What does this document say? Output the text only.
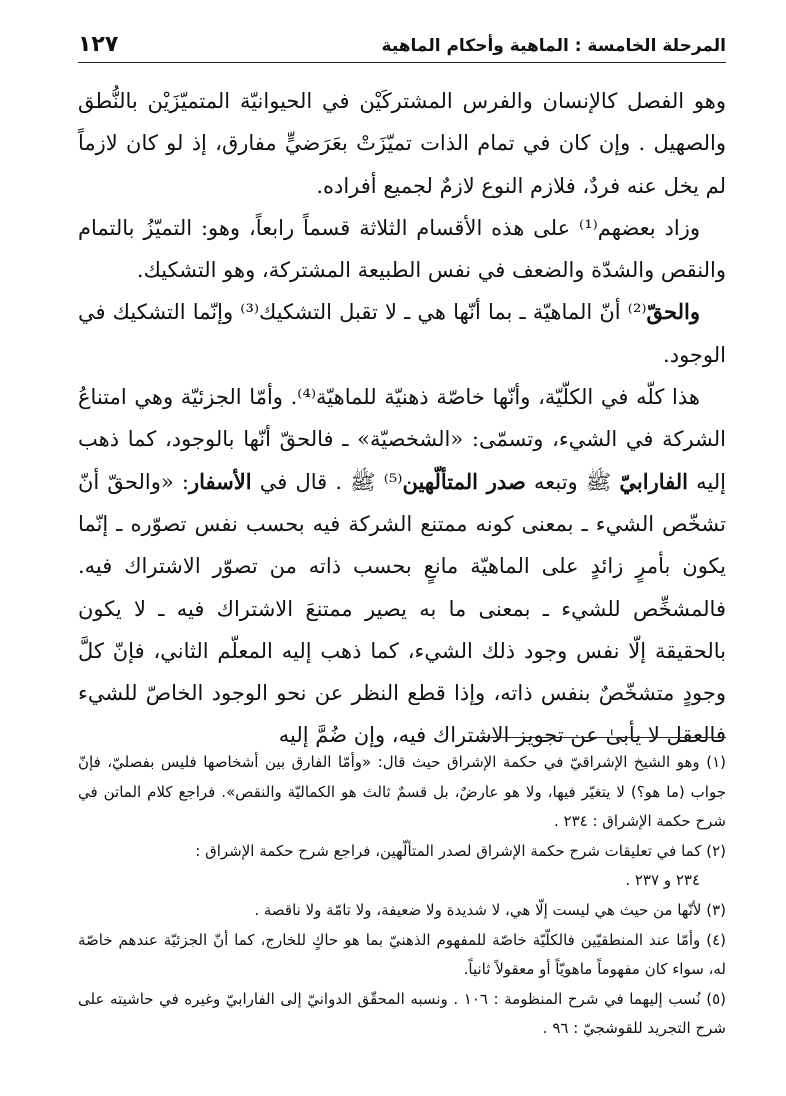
المرحلة الخامسة : الماهية وأحكام الماهية
١٢٧

وهو الفصل كالإنسان والفرس المشتركَيْن في الحيوانيّة المتميّزَيْن بالنُّطق والصهيل . وإن كان في تمام الذات تميّزَتْ بعَرَضيٍّ مفارق، إذ لو كان لازماً لم يخل عنه فردٌ، فلازم النوع لازمٌ لجميع أفراده.

وزاد بعضهم⁽¹⁾ على هذه الأقسام الثلاثة قسماً رابعاً، وهو: التميّزُ بالتمام والنقص والشدّة والضعف في نفس الطبيعة المشتركة، وهو التشكيك.

والحقّ⁽²⁾ أنّ الماهيّة ـ بما أنّها هي ـ لا تقبل التشكيك⁽³⁾ وإنّما التشكيك في الوجود.

هذا كلّه في الكلّيّة، وأنّها خاصّة ذهنيّة للماهيّة⁽⁴⁾. وأمّا الجزئيّة وهي امتناعُ الشركة في الشيء، وتسمّى: «الشخصيّة» ـ فالحقّ أنّها بالوجود، كما ذهب إليه الفارابيّ ﷺ وتبعه صدر المتألّهين⁽⁵⁾ ﷺ . قال في الأسفار: «والحقّ أنّ تشخّص الشيء ـ بمعنى كونه ممتنع الشركة فيه بحسب نفس تصوّره ـ إنّما يكون بأمرٍ زائدٍ على الماهيّة مانعٍ بحسب ذاته من تصوّر الاشتراك فيه. فالمشخِّص للشيء ـ بمعنى ما به يصير ممتنعَ الاشتراك فيه ـ لا يكون بالحقيقة إلّا نفس وجود ذلك الشيء، كما ذهب إليه المعلّم الثاني، فإنّ كلَّ وجودٍ متشخّصٌ بنفس ذاته، وإذا قطع النظر عن نحو الوجود الخاصّ للشيء فالعقل لا يأبىٰ عن تجويز الاشتراك فيه، وإن ضُمَّ إليه

(١) وهو الشيخ الإشراقيّ في حكمة الإشراق حيث قال: «وأمّا الفارق بين أشخاصها فليس بفصليّ، فإنّ جواب (ما هو؟) لا يتغيّر فيها، ولا هو عارضٌ، بل قسمٌ ثالث هو الكماليّة والنقص». فراجع كلام الماتن في شرح حكمة الإشراق : ٢٣٤ .

(٢) كما في تعليقات شرح حكمة الإشراق لصدر المتألّهين، فراجع شرح حكمة الإشراق :

٢٣٤ و ٢٣٧ .

(٣) لأنّها من حيث هي ليست إلّا هي، لا شديدة ولا ضعيفة، ولا تامّة ولا ناقصة .

(٤) وأمّا عند المنطقيّين فالكلّيّة خاصّة للمفهوم الذهنيّ بما هو حاكٍ للخارج، كما أنّ الجزئيّة عندهم خاصّة له، سواء كان مفهوماً ماهويّاً أو معقولاً ثانياً.

(٥) نُسب إليهما في شرح المنظومة : ١٠٦ . ونسبه المحقّق الدوانيّ إلى الفارابيّ وغيره في حاشيته على شرح التجريد للقوشجيّ : ٩٦ .
